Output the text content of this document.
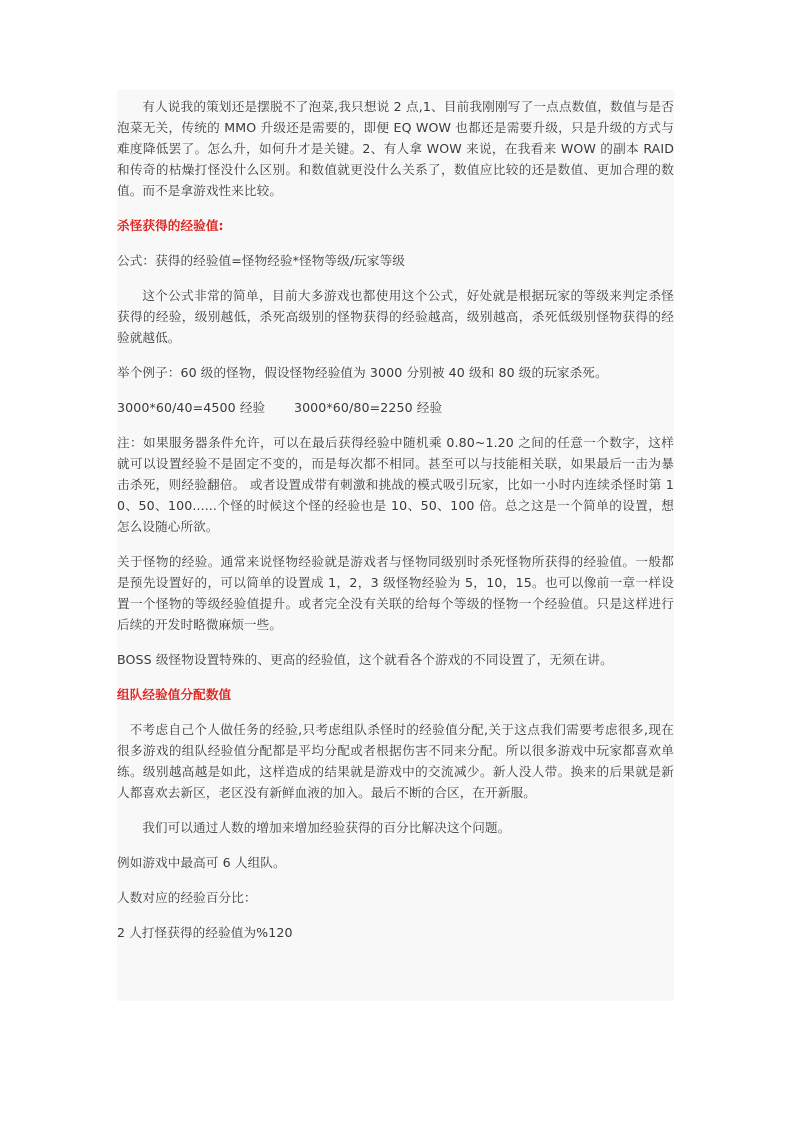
有人说我的策划还是摆脱不了泡菜,我只想说 2 点,1、目前我刚刚写了一点点数值，数值与是否泡菜无关，传统的 MMO 升级还是需要的，即便 EQ WOW 也都还是需要升级，只是升级的方式与难度降低罢了。怎么升，如何升才是关键。2、有人拿 WOW 来说，在我看来 WOW 的副本 RAID 和传奇的枯燥打怪没什么区别。和数值就更没什么关系了，数值应比较的还是数值、更加合理的数值。而不是拿游戏性来比较。

杀怪获得的经验值:

公式：获得的经验值=怪物经验*怪物等级/玩家等级

这个公式非常的简单，目前大多游戏也都使用这个公式，好处就是根据玩家的等级来判定杀怪获得的经验，级别越低，杀死高级别的怪物获得的经验越高，级别越高，杀死低级别怪物获得的经验就越低。

举个例子：60 级的怪物，假设怪物经验值为 3000 分别被 40 级和 80 级的玩家杀死。

3000*60/40=4500 经验       3000*60/80=2250 经验

注：如果服务器条件允许，可以在最后获得经验中随机乘 0.80~1.20 之间的任意一个数字，这样就可以设置经验不是固定不变的，而是每次都不相同。甚至可以与技能相关联，如果最后一击为暴击杀死，则经验翻倍。 或者设置成带有刺激和挑战的模式吸引玩家，比如一小时内连续杀怪时第 10、50、100......个怪的时候这个怪的经验也是 10、50、100 倍。总之这是一个简单的设置，想怎么设随心所欲。

关于怪物的经验。通常来说怪物经验就是游戏者与怪物同级别时杀死怪物所获得的经验值。一般都是预先设置好的，可以简单的设置成 1，2，3 级怪物经验为 5，10，15。也可以像前一章一样设置一个怪物的等级经验值提升。或者完全没有关联的给每个等级的怪物一个经验值。只是这样进行后续的开发时略微麻烦一些。

BOSS 级怪物设置特殊的、更高的经验值，这个就看各个游戏的不同设置了，无须在讲。

组队经验值分配数值

不考虑自己个人做任务的经验,只考虑组队杀怪时的经验值分配,关于这点我们需要考虑很多,现在很多游戏的组队经验值分配都是平均分配或者根据伤害不同来分配。所以很多游戏中玩家都喜欢单练。级别越高越是如此，这样造成的结果就是游戏中的交流减少。新人没人带。换来的后果就是新人都喜欢去新区，老区没有新鲜血液的加入。最后不断的合区，在开新服。

我们可以通过人数的增加来增加经验获得的百分比解决这个问题。

例如游戏中最高可 6 人组队。

人数对应的经验百分比：

2 人打怪获得的经验值为%120
